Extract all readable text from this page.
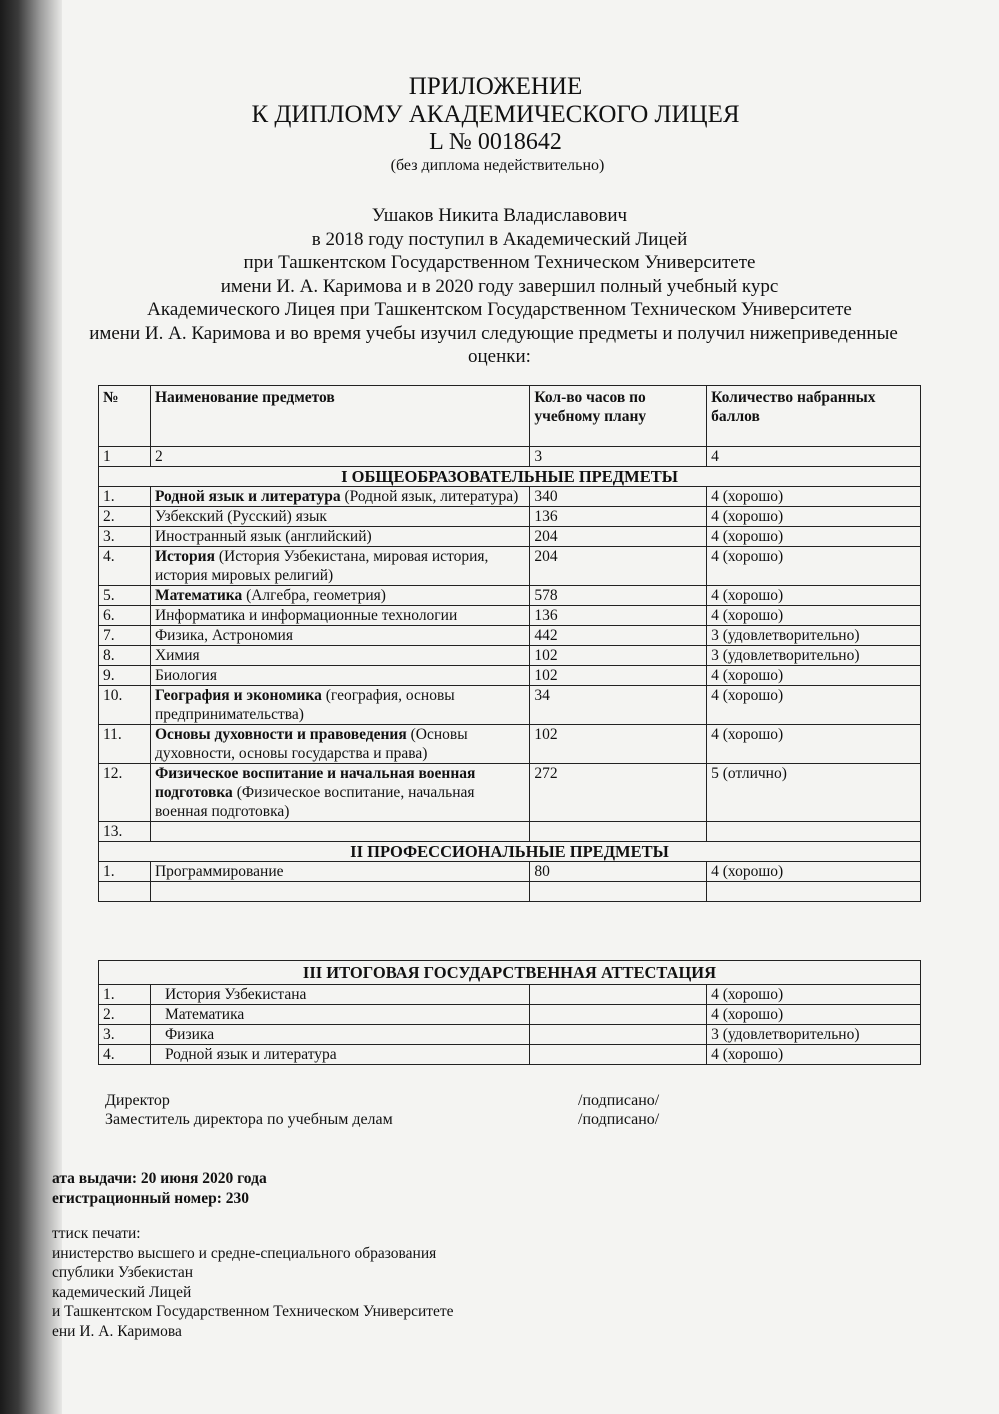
ПРИЛОЖЕНИЕ
К ДИПЛОМУ АКАДЕМИЧЕСКОГО ЛИЦЕЯ
L № 0018642
(без диплома недействительно)
Ушаков Никита Владиславович
в 2018 году поступил в Академический Лицей
при Ташкентском Государственном Техническом Университете
имени И. А. Каримова и в 2020 году завершил полный учебный курс
Академического Лицея при Ташкентском Государственном Техническом Университете
имени И. А. Каримова и во время учебы изучил следующие предметы и получил нижеприведенные
оценки:
№	Наименование предметов	Кол-во часов по учебному плану	Количество набранных баллов
1	2	3	4
I ОБЩЕОБРАЗОВАТЕЛЬНЫЕ ПРЕДМЕТЫ			
1.	Родной язык и литература (Родной язык, литература)	340	4 (хорошо)
2.	Узбекский (Русский) язык	136	4 (хорошо)
3.	Иностранный язык (английский)	204	4 (хорошо)
4.	История (История Узбекистана, мировая история, история мировых религий)	204	4 (хорошо)
5.	Математика (Алгебра, геометрия)	578	4 (хорошо)
6.	Информатика и информационные технологии	136	4 (хорошо)
7.	Физика, Астрономия	442	3 (удовлетворительно)
8.	Химия	102	3 (удовлетворительно)
9.	Биология	102	4 (хорошо)
10.	География и экономика (география, основы предпринимательства)	34	4 (хорошо)
11.	Основы духовности и правоведения (Основы духовности, основы государства и права)	102	4 (хорошо)
12.	Физическое воспитание и начальная военная подготовка (Физическое воспитание, начальная военная подготовка)	272	5 (отлично)
13.			
II ПРОФЕССИОНАЛЬНЫЕ ПРЕДМЕТЫ			
1.	Программирование	80	4 (хорошо)

III ИТОГОВАЯ ГОСУДАРСТВЕННАЯ АТТЕСТАЦИЯ			
1.	История Узбекистана		4 (хорошо)
2.	Математика		4 (хорошо)
3.	Физика		3 (удовлетворительно)
4.	Родной язык и литература		4 (хорошо)
Директор	/подписано/
Заместитель директора по учебным делам	/подписано/
ата выдачи: 20 июня 2020 года
егистрационный номер: 230
ттиск печати:
инистерство высшего и средне-специального образования
спублики Узбекистан
кадемический Лицей
и Ташкентском Государственном Техническом Университете
ени И. А. Каримова
